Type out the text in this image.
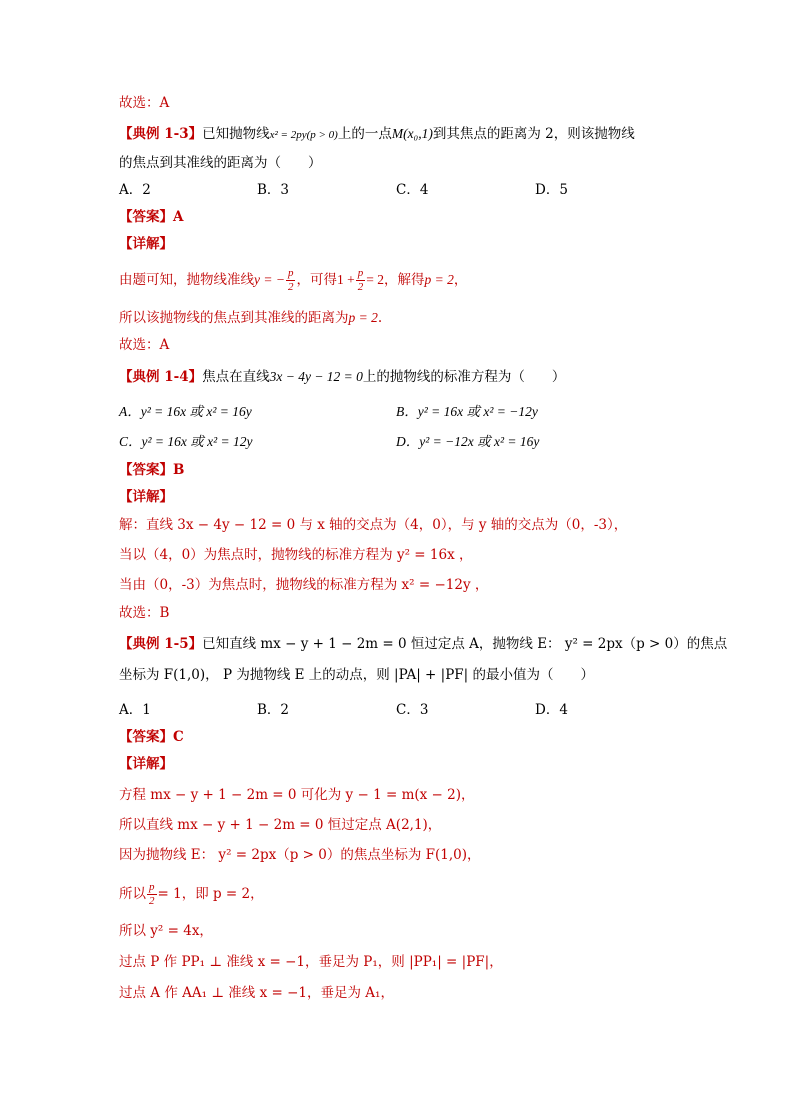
故选：A
【典例 1-3】已知抛物线x² = 2py(p > 0)上的一点M(x₀,1)到其焦点的距离为 2，则该抛物线
的焦点到其准线的距离为（　　）
A．2	B．3	C．4	D．5
【答案】A
【详解】
由题可知，抛物线准线y = − $\frac{p}{2}$ ，可得$1 + \frac{p}{2} = 2$，解得p = 2，
所以该抛物线的焦点到其准线的距离为p = 2.
故选：A
【典例 1-4】焦点在直线3x − 4y − 12 = 0上的抛物线的标准方程为（　　）
A．y² = 16x 或 x² = 16y	B．y² = 16x 或 x² = −12y
C．y² = 16x 或 x² = 12y	D．y² = −12x 或 x² = 16y
【答案】B
【详解】
解：直线 3x − 4y − 12 = 0 与 x 轴的交点为（4，0），与 y 轴的交点为（0，-3），
当以（4，0）为焦点时，抛物线的标准方程为 y² = 16x ，
当由（0，-3）为焦点时，抛物线的标准方程为 x² = −12y ，
故选：B
【典例 1-5】已知直线 mx − y + 1 − 2m = 0 恒过定点 A，抛物线 E： y² = 2px（p > 0）的焦点
坐标为 F(1,0)， P 为抛物线 E 上的动点，则 |PA| + |PF| 的最小值为（　　）
A．1	B．2	C．3	D．4
【答案】C
【详解】
方程 mx − y + 1 − 2m = 0 可化为 y − 1 = m(x − 2)，
所以直线 mx − y + 1 − 2m = 0 恒过定点 A(2,1)，
因为抛物线 E： y² = 2px（p > 0）的焦点坐标为 F(1,0)，
所以 $\frac{p}{2} = 1$，即 p = 2，
所以 y² = 4x，
过点 P 作 PP₁ ⊥ 准线 x = −1，垂足为 P₁，则 |PP₁| = |PF|，
过点 A 作 AA₁ ⊥ 准线 x = −1，垂足为 A₁，
